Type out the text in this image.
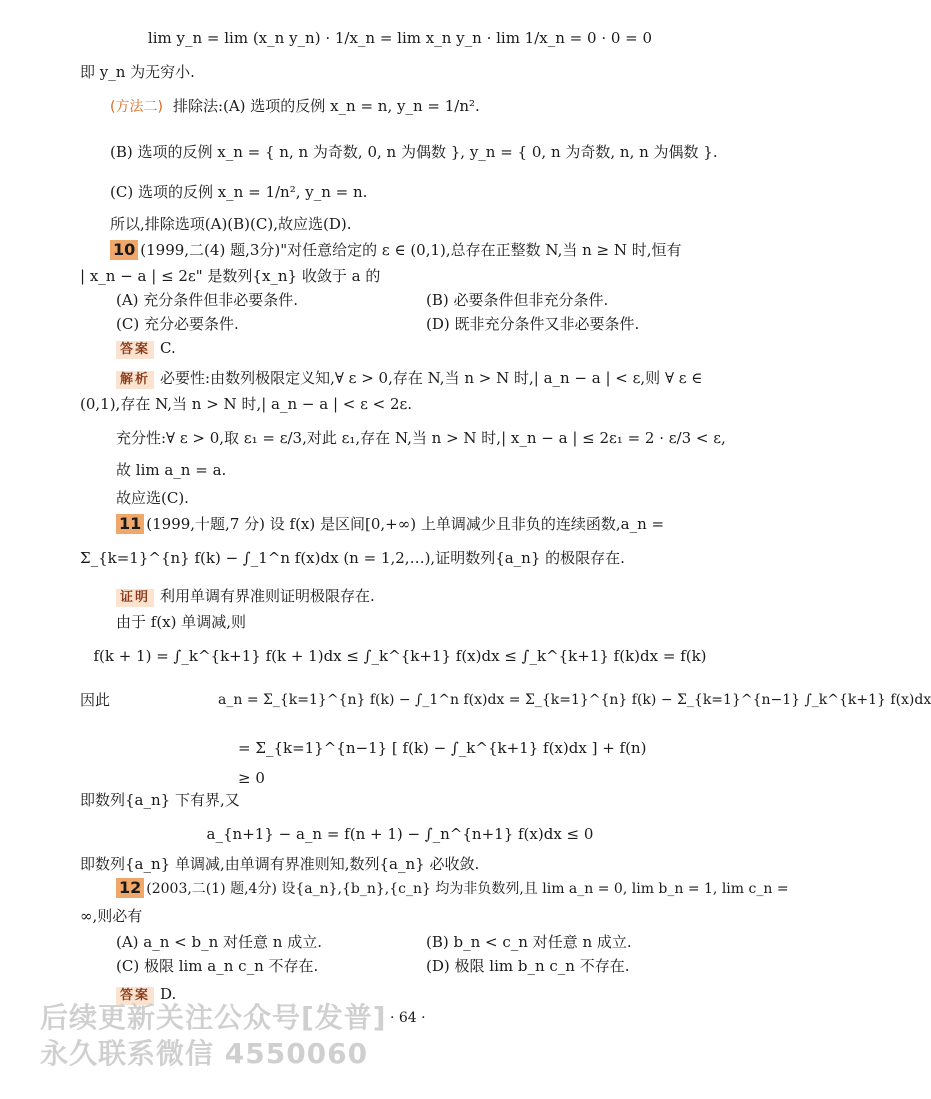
lim y_n = lim (x_n y_n) · 1/x_n = lim x_n y_n · lim 1/x_n = 0 · 0 = 0
即 y_n 为无穷小.
(方法二) 排除法:(A) 选项的反例 x_n = n, y_n = 1/n².
(B) 选项的反例 x_n = { n, n 为奇数, 0, n 为偶数 }, y_n = { 0, n 为奇数, n, n 为偶数 }.
(C) 选项的反例 x_n = 1/n², y_n = n.
所以,排除选项(A)(B)(C),故应选(D).
10 (1999,二(4) 题,3分)"对任意给定的 ε ∈ (0,1),总存在正整数 N,当 n ≥ N 时,恒有
| x_n − a | ≤ 2ε" 是数列{x_n} 收敛于 a 的
(A) 充分条件但非必要条件.	(B) 必要条件但非充分条件.
(C) 充分必要条件.	(D) 既非充分条件又非必要条件.
答案 C.
解析 必要性:由数列极限定义知,∀ ε > 0,存在 N,当 n > N 时,| a_n − a | < ε,则 ∀ ε ∈
(0,1),存在 N,当 n > N 时,| a_n − a | < ε < 2ε.
充分性:∀ ε > 0,取 ε₁ = ε/3,对此 ε₁,存在 N,当 n > N 时,| x_n − a | ≤ 2ε₁ = 2 · ε/3 < ε,
故 lim a_n = a.
故应选(C).
11 (1999,十题,7 分) 设 f(x) 是区间[0,+∞) 上单调减少且非负的连续函数,a_n =
Σ_{k=1}^{n} f(k) − ∫_1^n f(x)dx (n = 1,2,…),证明数列{a_n} 的极限存在.
证明 利用单调有界准则证明极限存在.
由于 f(x) 单调减,则
f(k + 1) = ∫_k^{k+1} f(k + 1)dx ≤ ∫_k^{k+1} f(x)dx ≤ ∫_k^{k+1} f(k)dx = f(k)
因此	a_n = Σ_{k=1}^{n} f(k) − ∫_1^n f(x)dx = Σ_{k=1}^{n} f(k) − Σ_{k=1}^{n−1} ∫_k^{k+1} f(x)dx
= Σ_{k=1}^{n−1} [ f(k) − ∫_k^{k+1} f(x)dx ] + f(n)
≥ 0
即数列{a_n} 下有界,又
a_{n+1} − a_n = f(n + 1) − ∫_n^{n+1} f(x)dx ≤ 0
即数列{a_n} 单调减,由单调有界准则知,数列{a_n} 必收敛.
12 (2003,二(1) 题,4分) 设{a_n},{b_n},{c_n} 均为非负数列,且 lim a_n = 0, lim b_n = 1, lim c_n =
∞,则必有
(A) a_n < b_n 对任意 n 成立.	(B) b_n < c_n 对任意 n 成立.
(C) 极限 lim a_n c_n 不存在.	(D) 极限 lim b_n c_n 不存在.
答案 D.
· 64 ·
后续更新关注公众号[发普]
永久联系微信 4550060
